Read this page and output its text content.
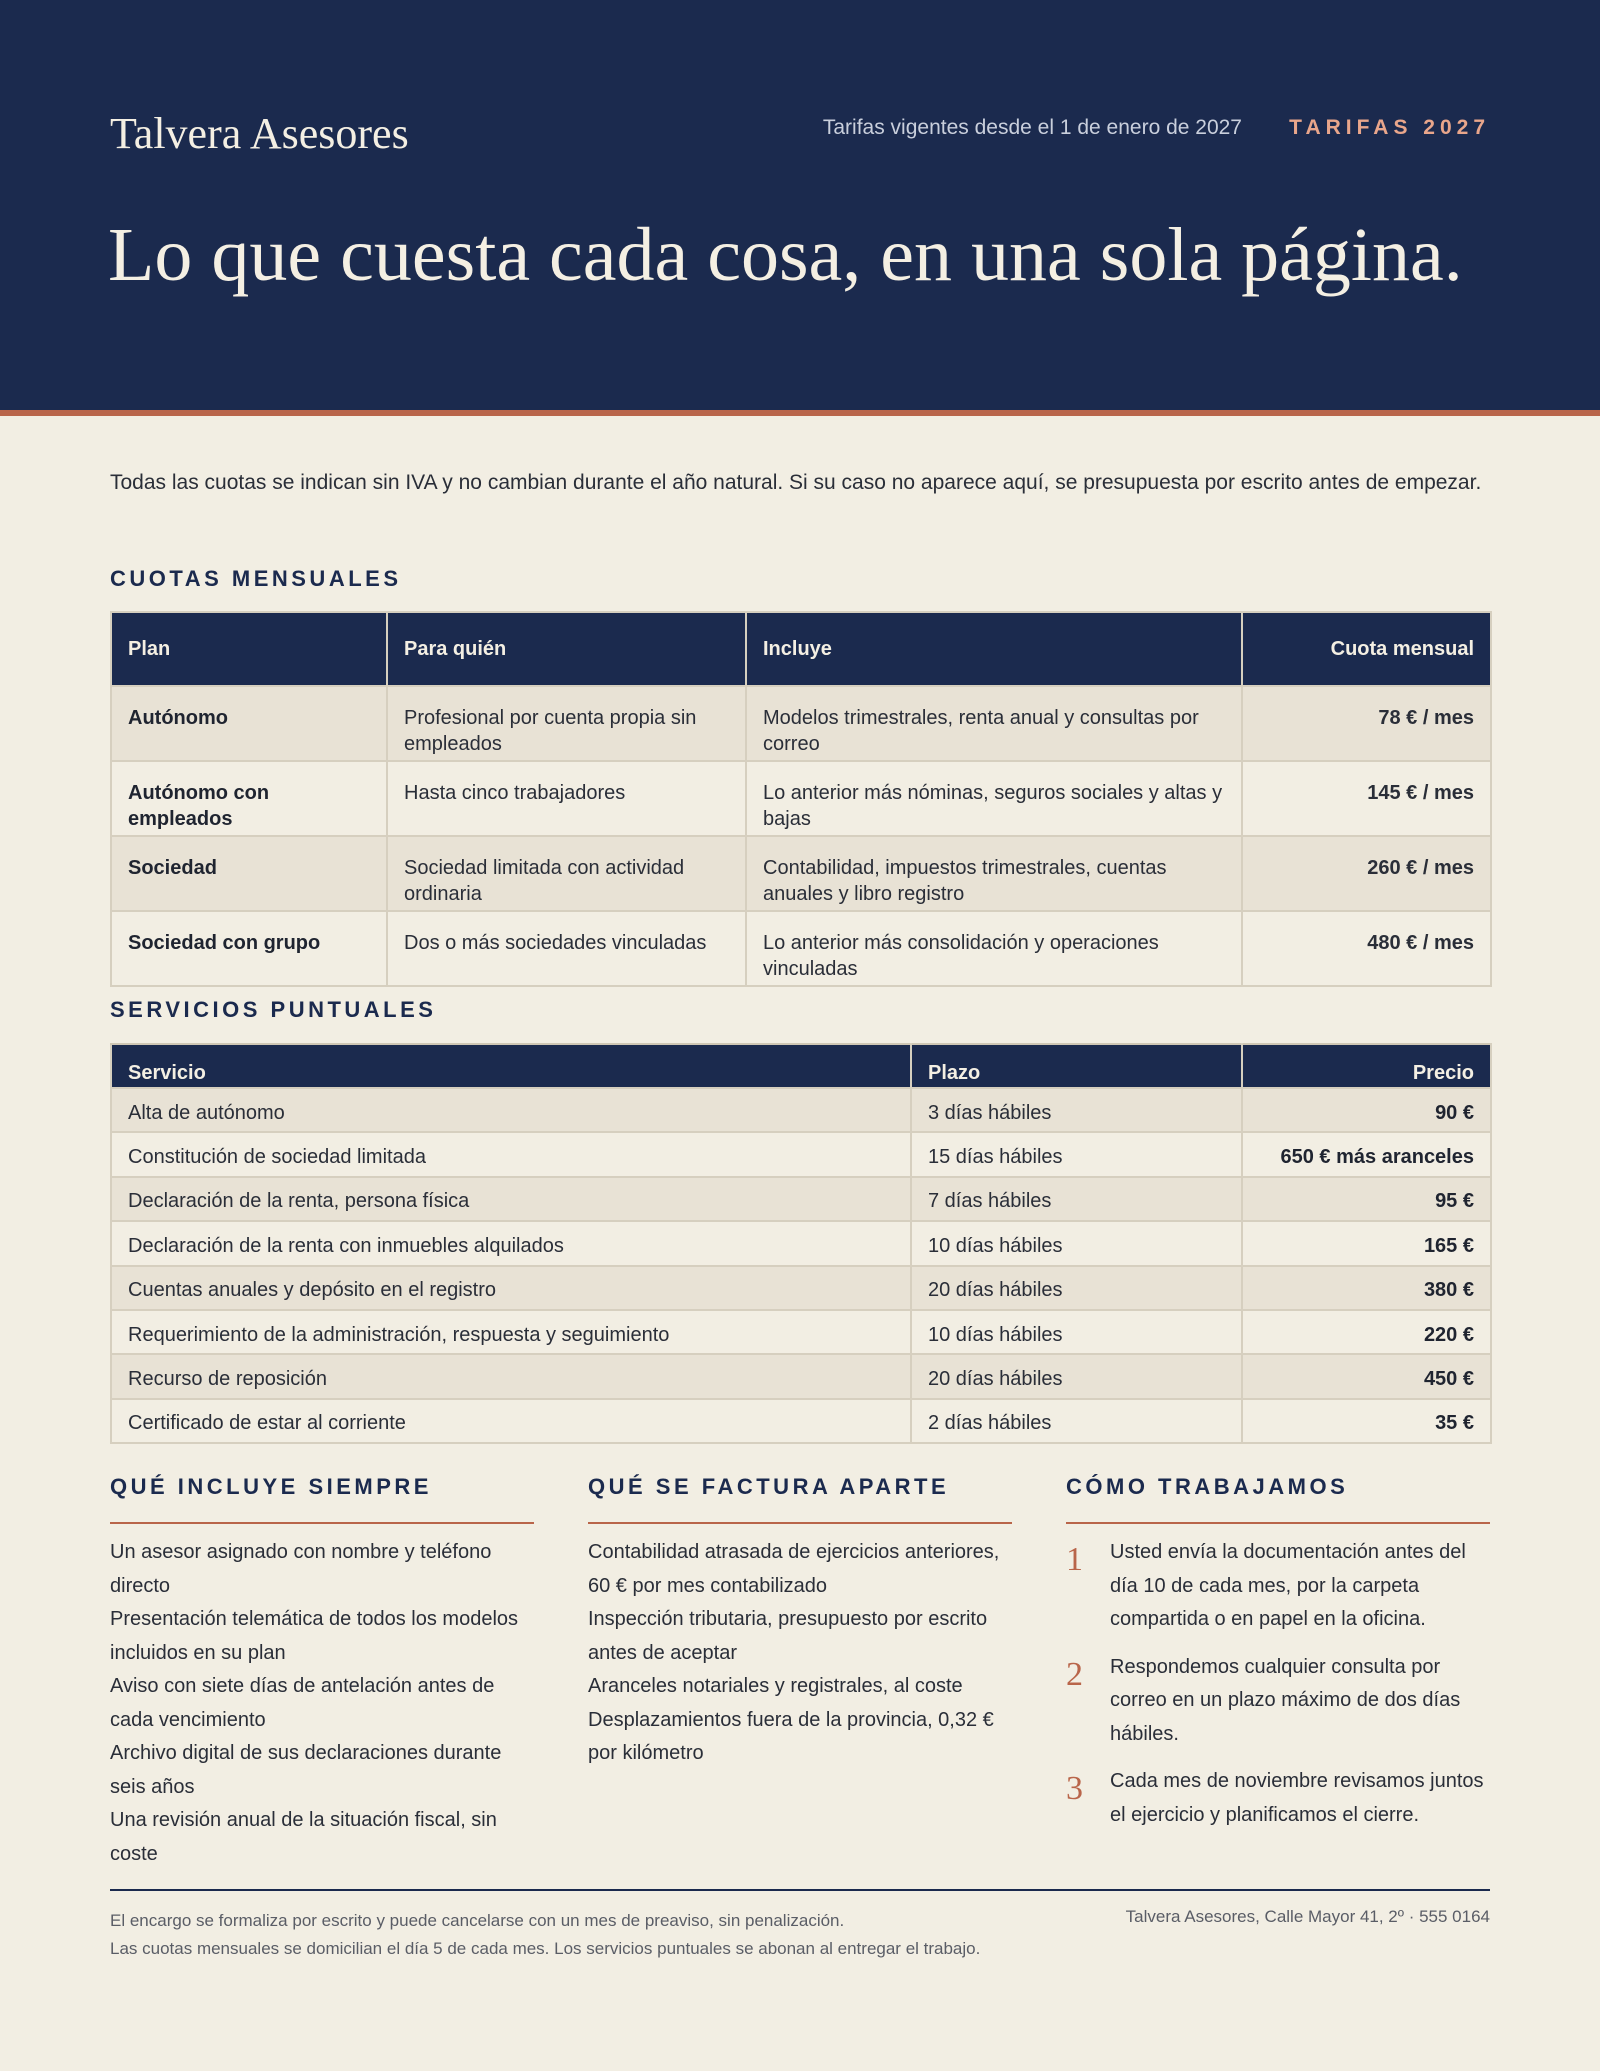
Talvera Asesores	Tarifas vigentes desde el 1 de enero de 2027	TARIFAS 2027
Lo que cuesta cada cosa, en una sola página.

Todas las cuotas se indican sin IVA y no cambian durante el año natural. Si su caso no aparece aquí, se presupuesta por escrito antes de empezar.

CUOTAS MENSUALES
Plan	Para quién	Incluye	Cuota mensual
Autónomo	Profesional por cuenta propia sin empleados	Modelos trimestrales, renta anual y consultas por correo	78 € / mes
Autónomo con empleados	Hasta cinco trabajadores	Lo anterior más nóminas, seguros sociales y altas y bajas	145 € / mes
Sociedad	Sociedad limitada con actividad ordinaria	Contabilidad, impuestos trimestrales, cuentas anuales y libro registro	260 € / mes
Sociedad con grupo	Dos o más sociedades vinculadas	Lo anterior más consolidación y operaciones vinculadas	480 € / mes
SERVICIOS PUNTUALES
Servicio	Plazo	Precio
Alta de autónomo	3 días hábiles	90 €
Constitución de sociedad limitada	15 días hábiles	650 € más aranceles
Declaración de la renta, persona física	7 días hábiles	95 €
Declaración de la renta con inmuebles alquilados	10 días hábiles	165 €
Cuentas anuales y depósito en el registro	20 días hábiles	380 €
Requerimiento de la administración, respuesta y seguimiento	10 días hábiles	220 €
Recurso de reposición	20 días hábiles	450 €
Certificado de estar al corriente	2 días hábiles	35 €
QUÉ INCLUYE SIEMPRE
Un asesor asignado con nombre y teléfono directo
Presentación telemática de todos los modelos incluidos en su plan
Aviso con siete días de antelación antes de cada vencimiento
Archivo digital de sus declaraciones durante seis años
Una revisión anual de la situación fiscal, sin coste
QUÉ SE FACTURA APARTE
Contabilidad atrasada de ejercicios anteriores, 60 € por mes contabilizado
Inspección tributaria, presupuesto por escrito antes de aceptar
Aranceles notariales y registrales, al coste
Desplazamientos fuera de la provincia, 0,32 € por kilómetro
CÓMO TRABAJAMOS
1	Usted envía la documentación antes del día 10 de cada mes, por la carpeta compartida o en papel en la oficina.
2	Respondemos cualquier consulta por correo en un plazo máximo de dos días hábiles.
3	Cada mes de noviembre revisamos juntos el ejercicio y planificamos el cierre.
El encargo se formaliza por escrito y puede cancelarse con un mes de preaviso, sin penalización.
Las cuotas mensuales se domicilian el día 5 de cada mes. Los servicios puntuales se abonan al entregar el trabajo.
Talvera Asesores, Calle Mayor 41, 2º · 555 0164
